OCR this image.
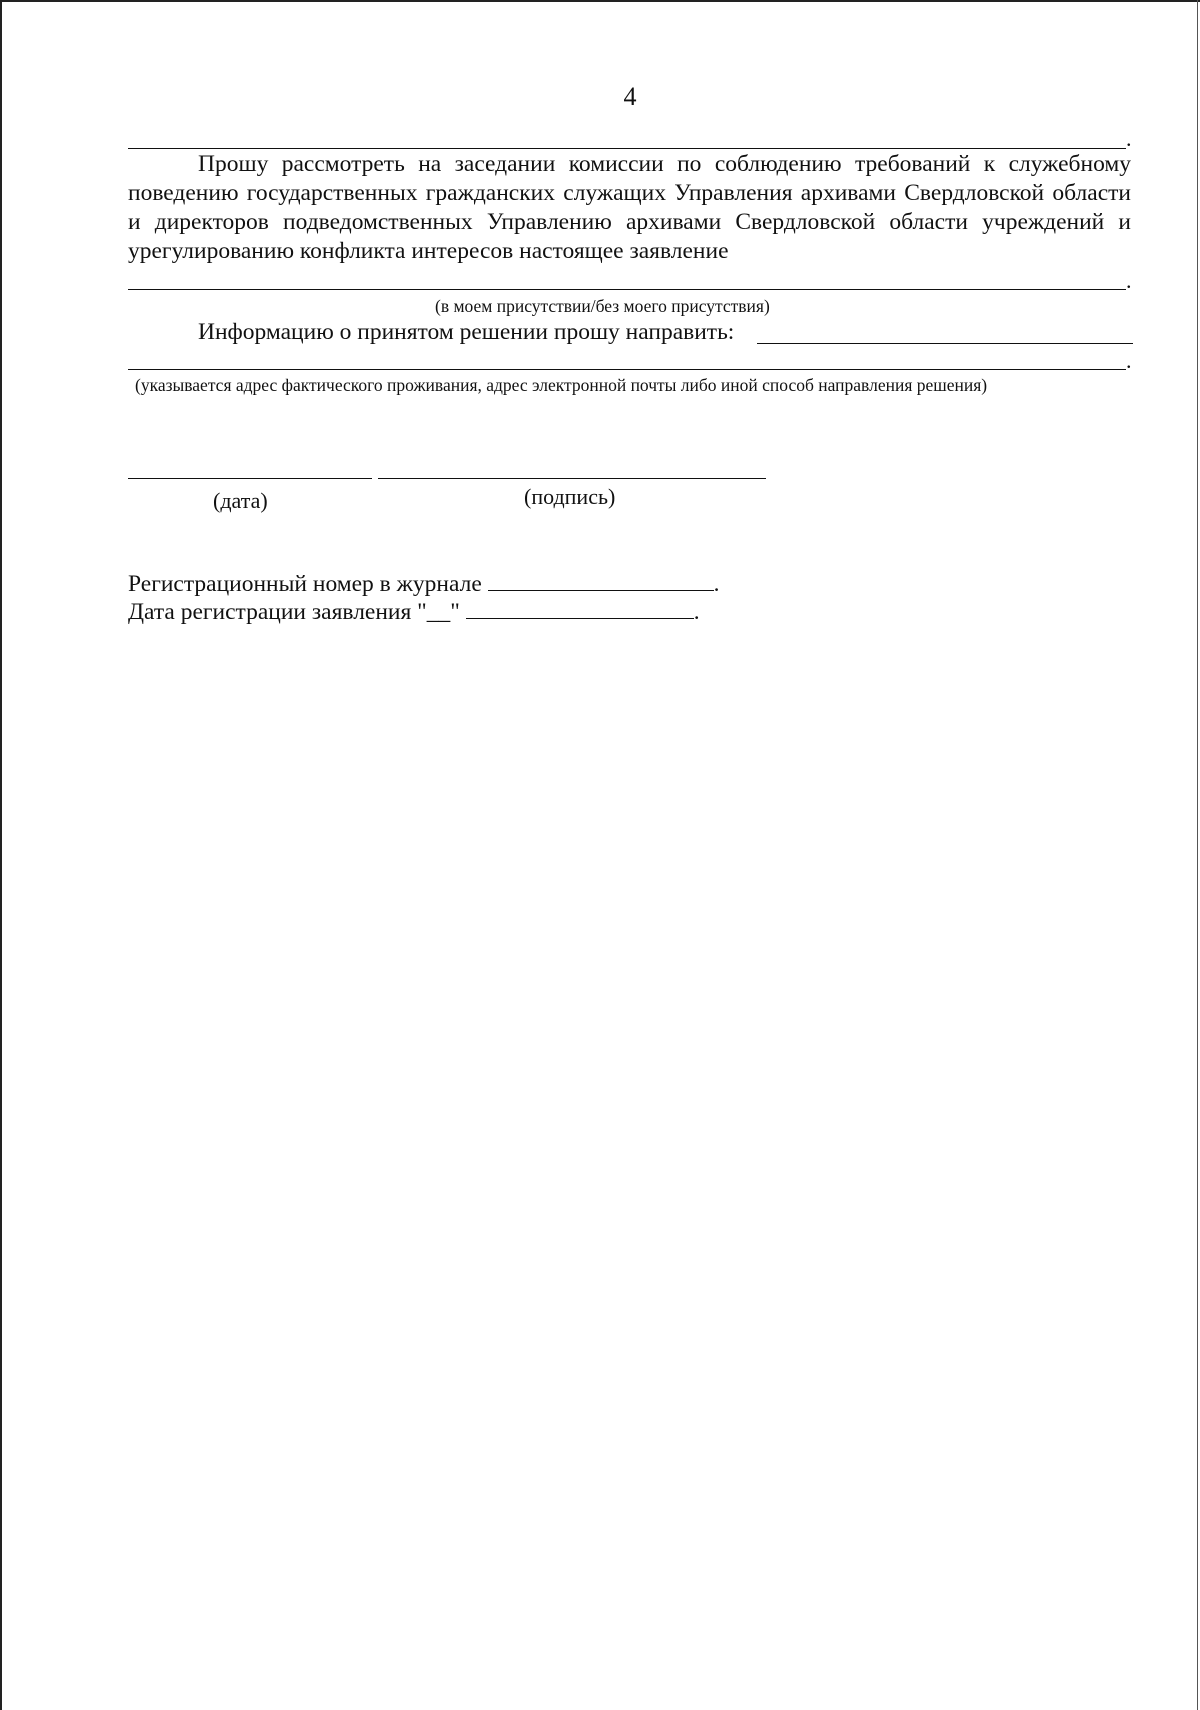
4
.
Прошу рассмотреть на заседании комиссии по соблюдению требований к служебному поведению государственных гражданских служащих Управления архивами Свердловской области и директоров подведомственных Управлению архивами Свердловской области учреждений и урегулированию конфликта интересов настоящее заявление
.
(в моем присутствии/без моего присутствия)
Информацию о принятом решении прошу направить:
.
(указывается адрес фактического проживания, адрес электронной почты либо иной способ направления решения)
(дата)	(подпись)
Регистрационный номер в журнале	.
Дата регистрации заявления "__"	.
